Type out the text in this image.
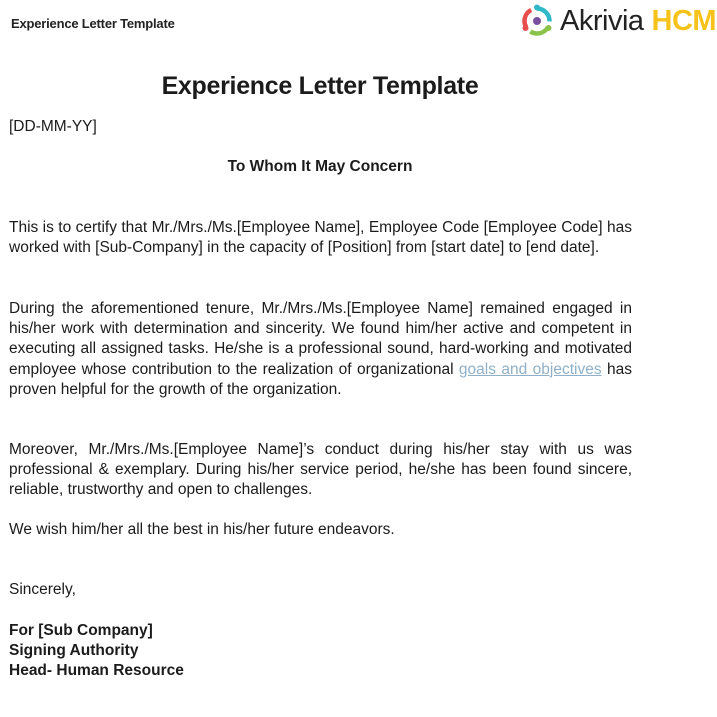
Experience Letter Template	Akrivia HCM
Experience Letter Template
[DD-MM-YY]
To Whom It May Concern

This is to certify that Mr./Mrs./Ms.[Employee Name], Employee Code [Employee Code] has worked with [Sub-Company] in the capacity of [Position] from [start date] to [end date].

During the aforementioned tenure, Mr./Mrs./Ms.[Employee Name] remained engaged in his/her work with determination and sincerity. We found him/her active and competent in executing all assigned tasks. He/she is a professional sound, hard-working and motivated employee whose contribution to the realization of organizational goals and objectives has proven helpful for the growth of the organization.

Moreover, Mr./Mrs./Ms.[Employee Name]’s conduct during his/her stay with us was professional & exemplary. During his/her service period, he/she has been found sincere, reliable, trustworthy and open to challenges.

We wish him/her all the best in his/her future endeavors.

Sincerely,
For [Sub Company]
Signing Authority
Head- Human Resource
